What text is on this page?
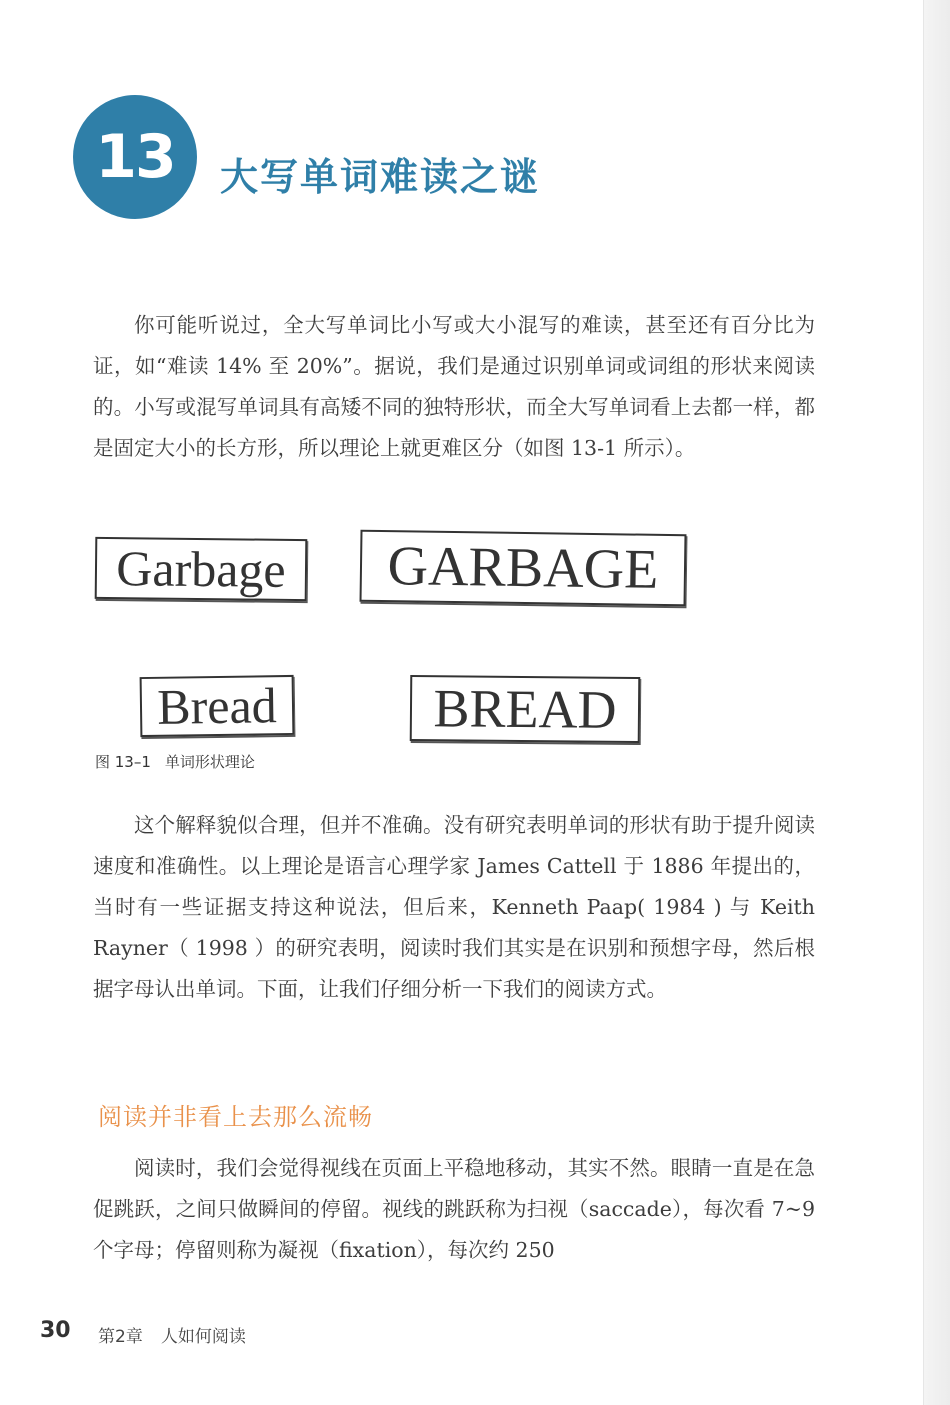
13 大写单词难读之谜

你可能听说过，全大写单词比小写或大小混写的难读，甚至还有百分比为证，如“难读 14% 至 20%”。据说，我们是通过识别单词或词组的形状来阅读的。小写或混写单词具有高矮不同的独特形状，而全大写单词看上去都一样，都是固定大小的长方形，所以理论上就更难区分（如图 13-1 所示）。

Garbage	GARBAGE
Bread	BREAD
图 13–1 单词形状理论

这个解释貌似合理，但并不准确。没有研究表明单词的形状有助于提升阅读速度和准确性。以上理论是语言心理学家 James Cattell 于 1886 年提出的，当时有一些证据支持这种说法，但后来，Kenneth Paap( 1984 ) 与 Keith Rayner（ 1998 ）的研究表明，阅读时我们其实是在识别和预想字母，然后根据字母认出单词。下面，让我们仔细分析一下我们的阅读方式。

阅读并非看上去那么流畅

阅读时，我们会觉得视线在页面上平稳地移动，其实不然。眼睛一直是在急促跳跃，之间只做瞬间的停留。视线的跳跃称为扫视（saccade），每次看 7~9 个字母；停留则称为凝视（fixation），每次约 250

30 第2章 人如何阅读
